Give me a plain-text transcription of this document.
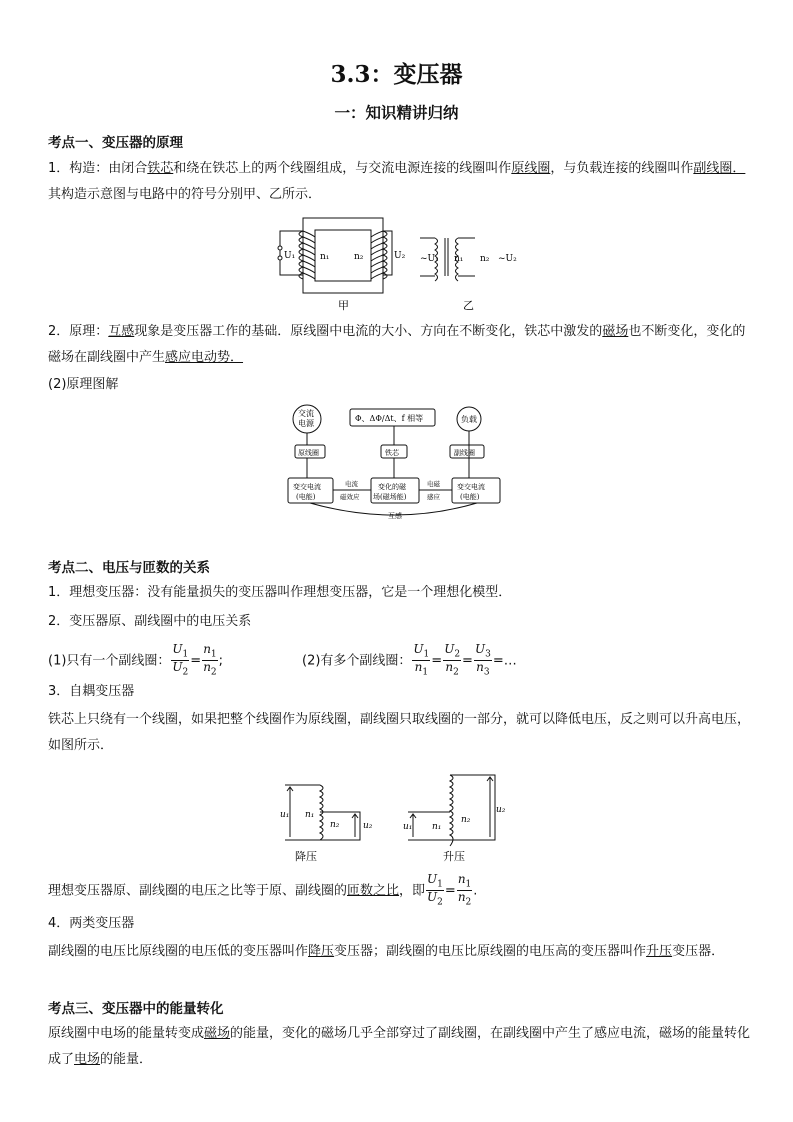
3.3：变压器
一：知识精讲归纳
考点一、变压器的原理
1．构造：由闭合铁芯和绕在铁芯上的两个线圈组成，与交流电源连接的线圈叫作原线圈，与负载连接的线圈叫作副线圈．其构造示意图与电路中的符号分别甲、乙所示．
U₁	n₁	n₂	U₂ ~U₁ n₁ n₂ ~U₂
甲	乙
2．原理：互感现象是变压器工作的基础．原线圈中电流的大小、方向在不断变化，铁芯中激发的磁场也不断变化，变化的磁场在副线圈中产生感应电动势．
(2)原理图解
交流
电源
Φ、ΔΦ/Δt、f 相等	负载
原线圈	铁芯	副线圈
变交电流
(电能)
电流
磁效应
变化的磁
场(磁场能)
电磁
感应
变交电流
(电能)
互感
考点二、电压与匝数的关系
1．理想变压器：没有能量损失的变压器叫作理想变压器，它是一个理想化模型．
2．变压器原、副线圈中的电压关系
(1)只有一个副线圈： $\frac{U_1}{U_2} = \frac{n_1}{n_2}$ ;	(2)有多个副线圈： $\frac{U_1}{n_1} = \frac{U_2}{n_2} = \frac{U_3}{n_3}$ =…
3．自耦变压器
铁芯上只绕有一个线圈，如果把整个线圈作为原线圈，副线圈只取线圈的一部分，就可以降低电压，反之则可以升高电压，如图所示．
u₁ n₁
n₂	u₂	u₁ n₁
n₂
u₂
降压	升压
理想变压器原、副线圈的电压之比等于原、副线圈的匝数之比，即 $\frac{U_1}{U_2} = \frac{n_1}{n_2}$ .
4．两类变压器
副线圈的电压比原线圈的电压低的变压器叫作降压变压器；副线圈的电压比原线圈的电压高的变压器叫作升压变压器．
考点三、变压器中的能量转化
原线圈中电场的能量转变成磁场的能量，变化的磁场几乎全部穿过了副线圈，在副线圈中产生了感应电流，磁场的能量转化成了电场的能量．
